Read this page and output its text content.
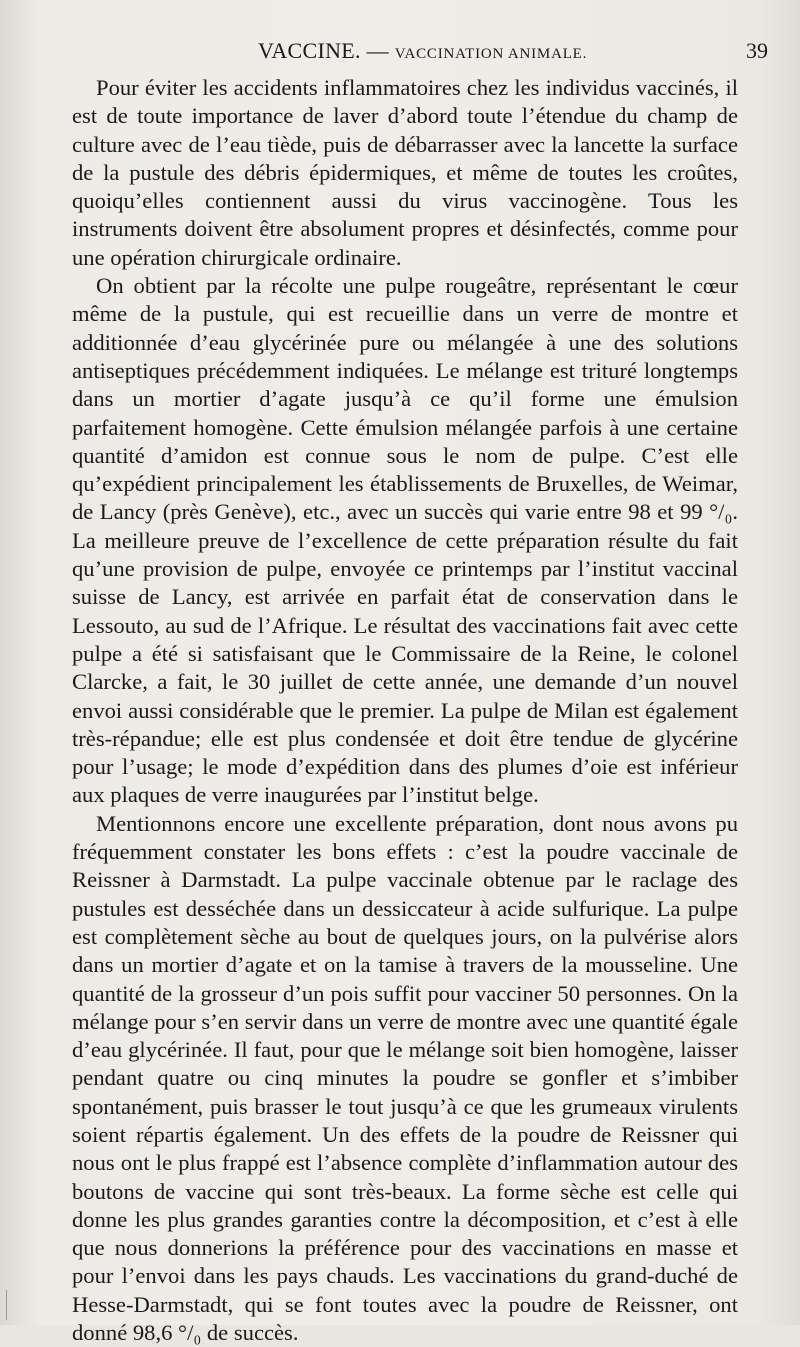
VACCINE. — VACCINATION ANIMALE.	39

Pour éviter les accidents inflammatoires chez les individus vaccinés, il est de toute importance de laver d’abord toute l’étendue du champ de culture avec de l’eau tiède, puis de débarrasser avec la lancette la surface de la pustule des débris épidermiques, et même de toutes les croûtes, quoiqu’elles contiennent aussi du virus vaccinogène. Tous les instruments doivent être absolument propres et désinfectés, comme pour une opération chirurgicale ordinaire.

On obtient par la récolte une pulpe rougeâtre, représentant le cœur même de la pustule, qui est recueillie dans un verre de montre et additionnée d’eau glycérinée pure ou mélangée à une des solutions antiseptiques précédemment indiquées. Le mélange est trituré longtemps dans un mortier d’agate jusqu’à ce qu’il forme une émulsion parfaitement homogène. Cette émulsion mélangée parfois à une certaine quantité d’amidon est connue sous le nom de pulpe. C’est elle qu’expédient principalement les établissements de Bruxelles, de Weimar, de Lancy (près Genève), etc., avec un succès qui varie entre 98 et 99 °/₀. La meilleure preuve de l’excellence de cette préparation résulte du fait qu’une provision de pulpe, envoyée ce printemps par l’institut vaccinal suisse de Lancy, est arrivée en parfait état de conservation dans le Lessouto, au sud de l’Afrique. Le résultat des vaccinations fait avec cette pulpe a été si satisfaisant que le Commissaire de la Reine, le colonel Clarcke, a fait, le 30 juillet de cette année, une demande d’un nouvel envoi aussi considérable que le premier. La pulpe de Milan est également très-répandue; elle est plus condensée et doit être tendue de glycérine pour l’usage; le mode d’expédition dans des plumes d’oie est inférieur aux plaques de verre inaugurées par l’institut belge.

Mentionnons encore une excellente préparation, dont nous avons pu fréquemment constater les bons effets : c’est la poudre vaccinale de Reissner à Darmstadt. La pulpe vaccinale obtenue par le raclage des pustules est desséchée dans un dessiccateur à acide sulfurique. La pulpe est complètement sèche au bout de quelques jours, on la pulvérise alors dans un mortier d’agate et on la tamise à travers de la mousseline. Une quantité de la grosseur d’un pois suffit pour vacciner 50 personnes. On la mélange pour s’en servir dans un verre de montre avec une quantité égale d’eau glycérinée. Il faut, pour que le mélange soit bien homogène, laisser pendant quatre ou cinq minutes la poudre se gonfler et s’imbiber spontanément, puis brasser le tout jusqu’à ce que les grumeaux virulents soient répartis également. Un des effets de la poudre de Reissner qui nous ont le plus frappé est l’absence complète d’inflammation autour des boutons de vaccine qui sont très-beaux. La forme sèche est celle qui donne les plus grandes garanties contre la décomposition, et c’est à elle que nous donnerions la préférence pour des vaccinations en masse et pour l’envoi dans les pays chauds. Les vaccinations du grand-duché de Hesse-Darmstadt, qui se font toutes avec la poudre de Reissner, ont donné 98,6 °/₀ de succès.
